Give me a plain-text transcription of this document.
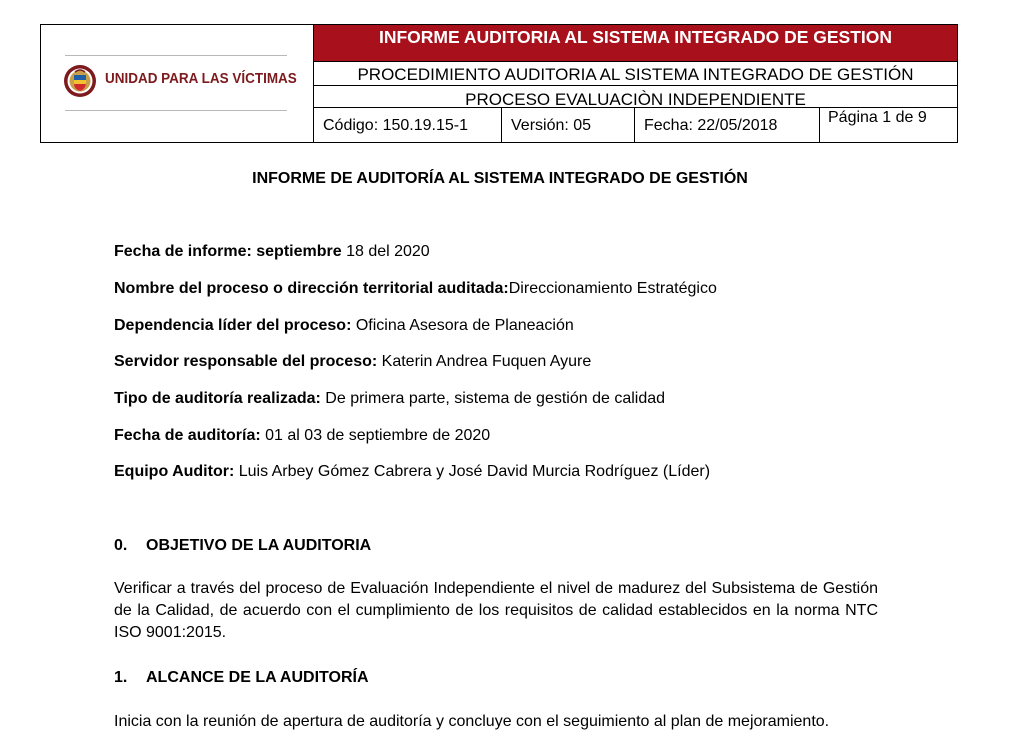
UNIDAD PARA LAS VÍCTIMAS
INFORME AUDITORIA AL SISTEMA INTEGRADO DE GESTION
PROCEDIMIENTO AUDITORIA AL SISTEMA INTEGRADO DE GESTIÓN
PROCESO EVALUACIÒN INDEPENDIENTE
Código: 150.19.15-1	Versión: 05	Fecha: 22/05/2018	Página 1 de 9
INFORME DE AUDITORÍA AL SISTEMA INTEGRADO DE GESTIÓN
Fecha de informe: septiembre 18 del 2020
Nombre del proceso o dirección territorial auditada:Direccionamiento Estratégico
Dependencia líder del proceso: Oficina Asesora de Planeación
Servidor responsable del proceso: Katerin Andrea Fuquen Ayure
Tipo de auditoría realizada: De primera parte, sistema de gestión de calidad
Fecha de auditoría: 01 al 03 de septiembre de 2020
Equipo Auditor: Luis Arbey Gómez Cabrera y José David Murcia Rodríguez (Líder)
0. OBJETIVO DE LA AUDITORIA
Verificar a través del proceso de Evaluación Independiente el nivel de madurez del Subsistema de Gestión de la Calidad, de acuerdo con el cumplimiento de los requisitos de calidad establecidos en la norma NTC ISO 9001:2015.
1. ALCANCE DE LA AUDITORÍA
Inicia con la reunión de apertura de auditoría y concluye con el seguimiento al plan de mejoramiento.
